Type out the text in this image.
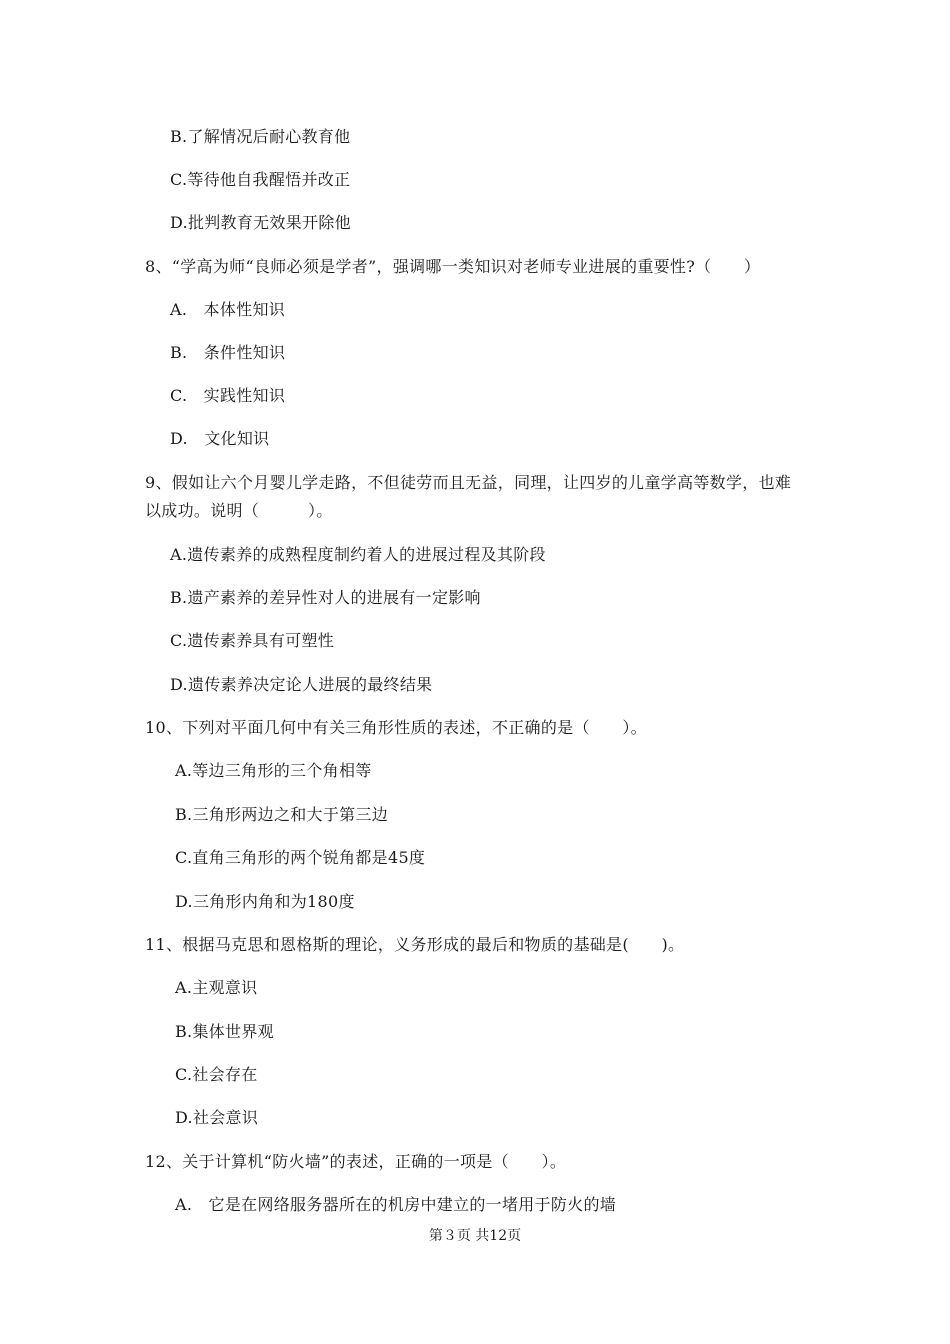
B.了解情况后耐心教育他
C.等待他自我醒悟并改正
D.批判教育无效果开除他
8、“学高为师“良师必须是学者”，强调哪一类知识对老师专业进展的重要性?（　　）
A.　本体性知识
B.　条件性知识
C.　实践性知识
D.　文化知识
9、假如让六个月婴儿学走路，不但徒劳而且无益，同理，让四岁的儿童学高等数学，也难
以成功。说明（　　　）。
A.遗传素养的成熟程度制约着人的进展过程及其阶段
B.遗产素养的差异性对人的进展有一定影响
C.遗传素养具有可塑性
D.遗传素养决定论人进展的最终结果
10、下列对平面几何中有关三角形性质的表述，不正确的是（　　）。
A.等边三角形的三个角相等
B.三角形两边之和大于第三边
C.直角三角形的两个锐角都是45度
D.三角形内角和为180度
11、根据马克思和恩格斯的理论，义务形成的最后和物质的基础是(　　)。
A.主观意识
B.集体世界观
C.社会存在
D.社会意识
12、关于计算机“防火墙”的表述，正确的一项是（　　）。
A.　它是在网络服务器所在的机房中建立的一堵用于防火的墙
第３页 共12页
